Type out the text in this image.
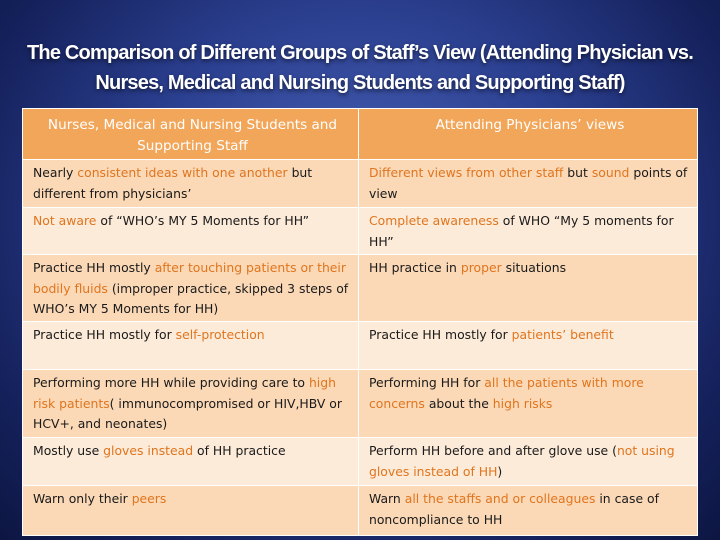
The Comparison of Different Groups of Staff’s View (Attending Physician vs.
Nurses, Medical and Nursing Students and Supporting Staff)
Nurses, Medical and Nursing Students and Supporting Staff	Attending Physicians’ views
Nearly consistent ideas with one another but different from physicians’	Different views from other staff but sound points of view
Not aware of “WHO’s MY 5 Moments for HH”	Complete awareness of WHO “My 5 moments for HH”
Practice HH mostly after touching patients or their bodily fluids (improper practice, skipped 3 steps of WHO’s MY 5 Moments for HH)	HH practice in proper situations
Practice HH mostly for self-protection	Practice HH mostly for patients’ benefit
Performing more HH while providing care to high risk patients( immunocompromised or HIV,HBV or HCV+, and neonates)	Performing HH for all the patients with more concerns about the high risks
Mostly use gloves instead of HH practice	Perform HH before and after glove use (not using gloves instead of HH)
Warn only their peers	Warn all the staffs and or colleagues in case of noncompliance to HH
